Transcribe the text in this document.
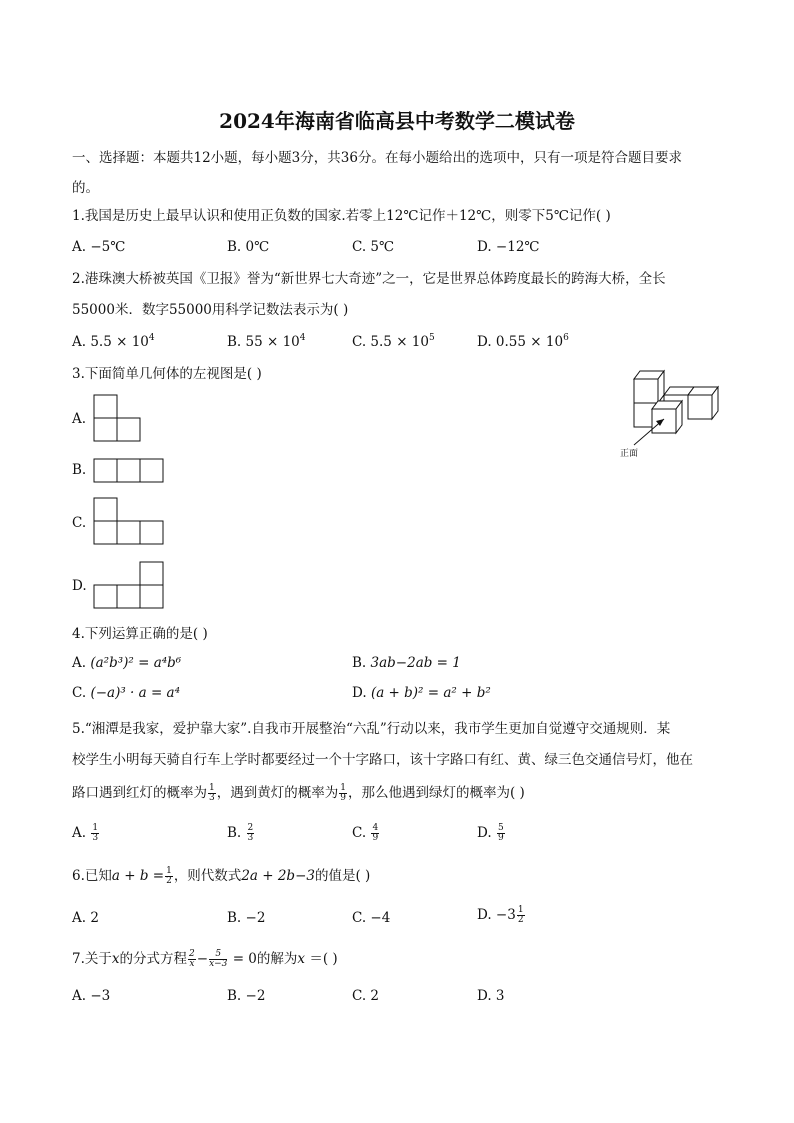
2024年海南省临高县中考数学二模试卷
一、选择题：本题共12小题，每小题3分，共36分。在每小题给出的选项中，只有一项是符合题目要求
的。
1.我国是历史上最早认识和使用正负数的国家.若零上12℃记作＋12℃，则零下5℃记作( )
A. −5℃	B. 0℃	C. 5℃	D. −12℃
2.港珠澳大桥被英国《卫报》誉为“新世界七大奇迹”之一，它是世界总体跨度最长的跨海大桥，全长
55000米．数字55000用科学记数法表示为( )
A. $5.5 \times 10^4$	B. $55 \times 10^4$	C. $5.5 \times 10^5$	D. $0.55 \times 10^6$
3.下面简单几何体的左视图是( )
正面
A.
B.
C.
D.
4.下列运算正确的是( )
A. (a²b³)² = a⁴b⁶	B. 3ab−2ab = 1
C. (−a)³ · a = a⁴	D. (a + b)² = a² + b²
5.“湘潭是我家，爱护靠大家”.自我市开展整治“六乱”行动以来，我市学生更加自觉遵守交通规则．某
校学生小明每天骑自行车上学时都要经过一个十字路口，该十字路口有红、黄、绿三色交通信号灯，他在
路口遇到红灯的概率为 $\frac{1}{3}$ ，遇到黄灯的概率为 $\frac{1}{9}$ ，那么他遇到绿灯的概率为( )
A. $\frac{1}{3}$	B. $\frac{2}{3}$	C. $\frac{4}{9}$	D. $\frac{5}{9}$
6.已知$a + b = \frac{1}{2}$ ，则代数式2a + 2b−3的值是( )
A. 2	B. −2	C. −4	D. $-3 \frac{1}{2}$
7.关于x的分式方程 $\frac{2}{x} - \frac{5}{x-3} = 0$的解为x ＝( )
A. −3	B. −2	C. 2	D. 3
